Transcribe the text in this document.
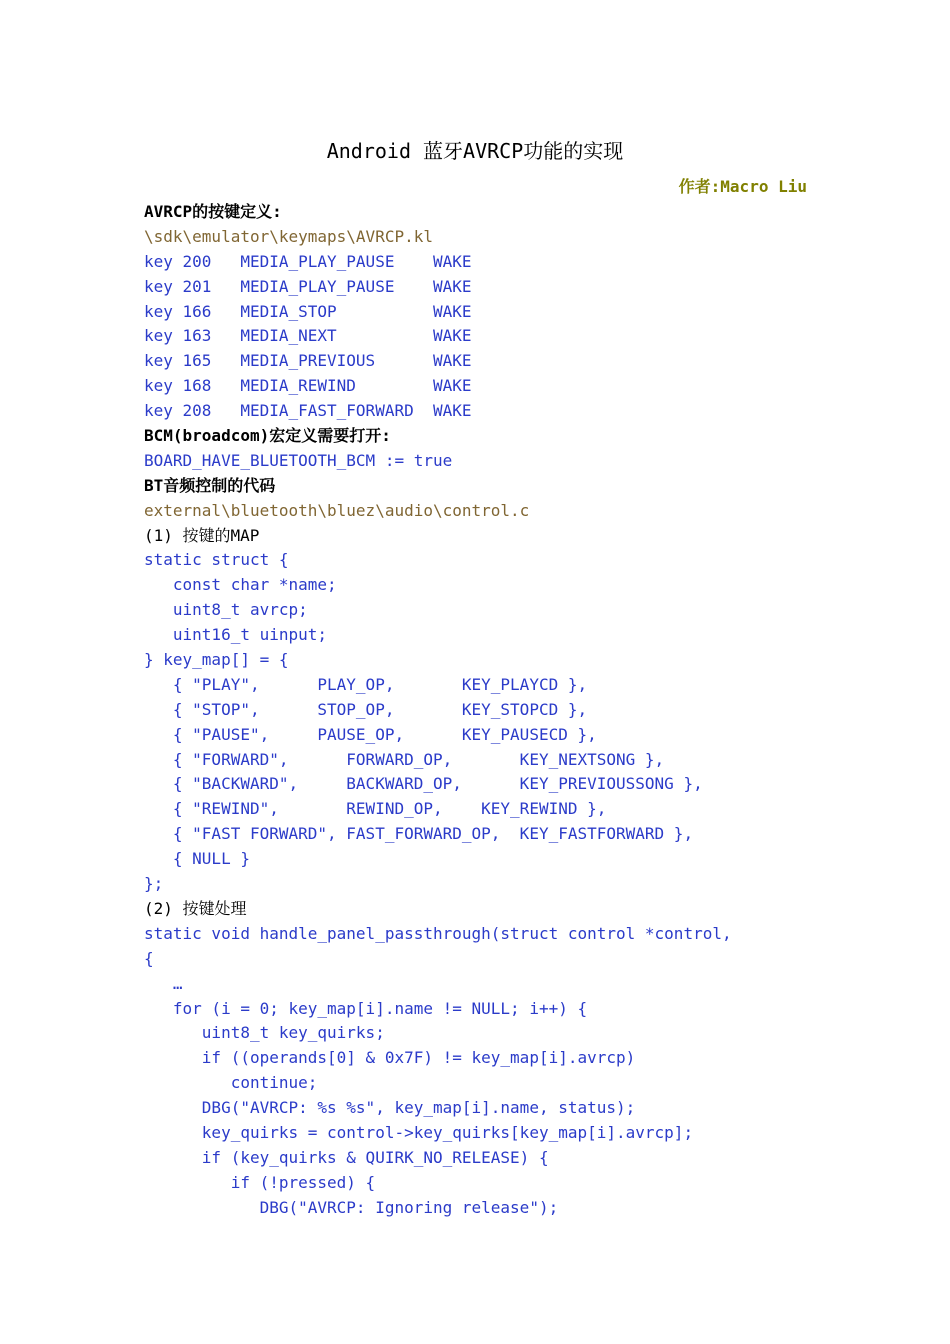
Android 蓝牙AVRCP功能的实现
作者:Macro Liu
AVRCP的按键定义:
\sdk\emulator\keymaps\AVRCP.kl
key 200   MEDIA_PLAY_PAUSE    WAKE
key 201   MEDIA_PLAY_PAUSE    WAKE
key 166   MEDIA_STOP          WAKE
key 163   MEDIA_NEXT          WAKE
key 165   MEDIA_PREVIOUS      WAKE
key 168   MEDIA_REWIND        WAKE
key 208   MEDIA_FAST_FORWARD  WAKE
BCM(broadcom)宏定义需要打开:
BOARD_HAVE_BLUETOOTH_BCM := true
BT音频控制的代码
external\bluetooth\bluez\audio\control.c
(1) 按键的MAP
static struct {
const char *name;
uint8_t avrcp;
uint16_t uinput;
} key_map[] = {
{ "PLAY",      PLAY_OP,       KEY_PLAYCD },
{ "STOP",      STOP_OP,       KEY_STOPCD },
{ "PAUSE",     PAUSE_OP,      KEY_PAUSECD },
{ "FORWARD",      FORWARD_OP,       KEY_NEXTSONG },
{ "BACKWARD",     BACKWARD_OP,      KEY_PREVIOUSSONG },
{ "REWIND",       REWIND_OP,    KEY_REWIND },
{ "FAST FORWARD", FAST_FORWARD_OP,  KEY_FASTFORWARD },
{ NULL }
};
(2) 按键处理
static void handle_panel_passthrough(struct control *control,
{
…
for (i = 0; key_map[i].name != NULL; i++) {
uint8_t key_quirks;
if ((operands[0] & 0x7F) != key_map[i].avrcp)
continue;
DBG("AVRCP: %s %s", key_map[i].name, status);
key_quirks = control->key_quirks[key_map[i].avrcp];
if (key_quirks & QUIRK_NO_RELEASE) {
if (!pressed) {
DBG("AVRCP: Ignoring release");
